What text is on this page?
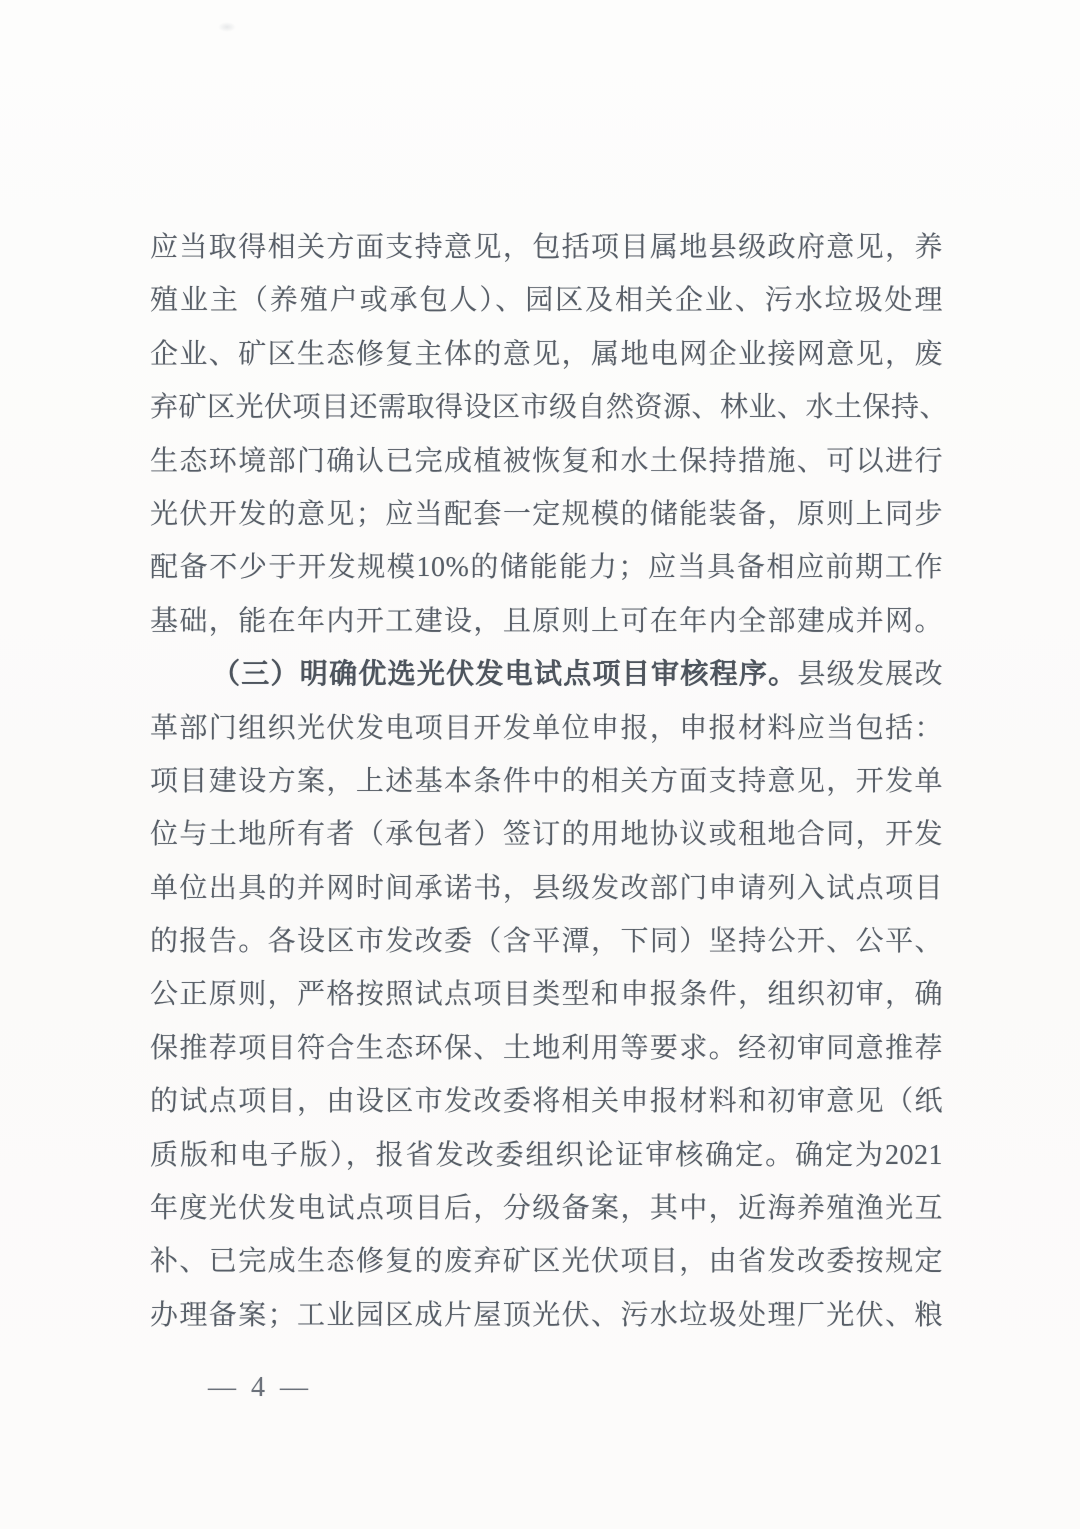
应当取得相关方面支持意见，包括项目属地县级政府意见，养
殖业主（养殖户或承包人）、园区及相关企业、污水垃圾处理
企业、矿区生态修复主体的意见，属地电网企业接网意见，废
弃矿区光伏项目还需取得设区市级自然资源、林业、水土保持、
生态环境部门确认已完成植被恢复和水土保持措施、可以进行
光伏开发的意见；应当配套一定规模的储能装备，原则上同步
配备不少于开发规模10%的储能能力；应当具备相应前期工作
基础，能在年内开工建设，且原则上可在年内全部建成并网。
（三）明确优选光伏发电试点项目审核程序。县级发展改
革部门组织光伏发电项目开发单位申报，申报材料应当包括：
项目建设方案，上述基本条件中的相关方面支持意见，开发单
位与土地所有者（承包者）签订的用地协议或租地合同，开发
单位出具的并网时间承诺书，县级发改部门申请列入试点项目
的报告。各设区市发改委（含平潭，下同）坚持公开、公平、
公正原则，严格按照试点项目类型和申报条件，组织初审，确
保推荐项目符合生态环保、土地利用等要求。经初审同意推荐
的试点项目，由设区市发改委将相关申报材料和初审意见（纸
质版和电子版），报省发改委组织论证审核确定。确定为2021
年度光伏发电试点项目后，分级备案，其中，近海养殖渔光互
补、已完成生态修复的废弃矿区光伏项目，由省发改委按规定
办理备案；工业园区成片屋顶光伏、污水垃圾处理厂光伏、粮
— 4 —
